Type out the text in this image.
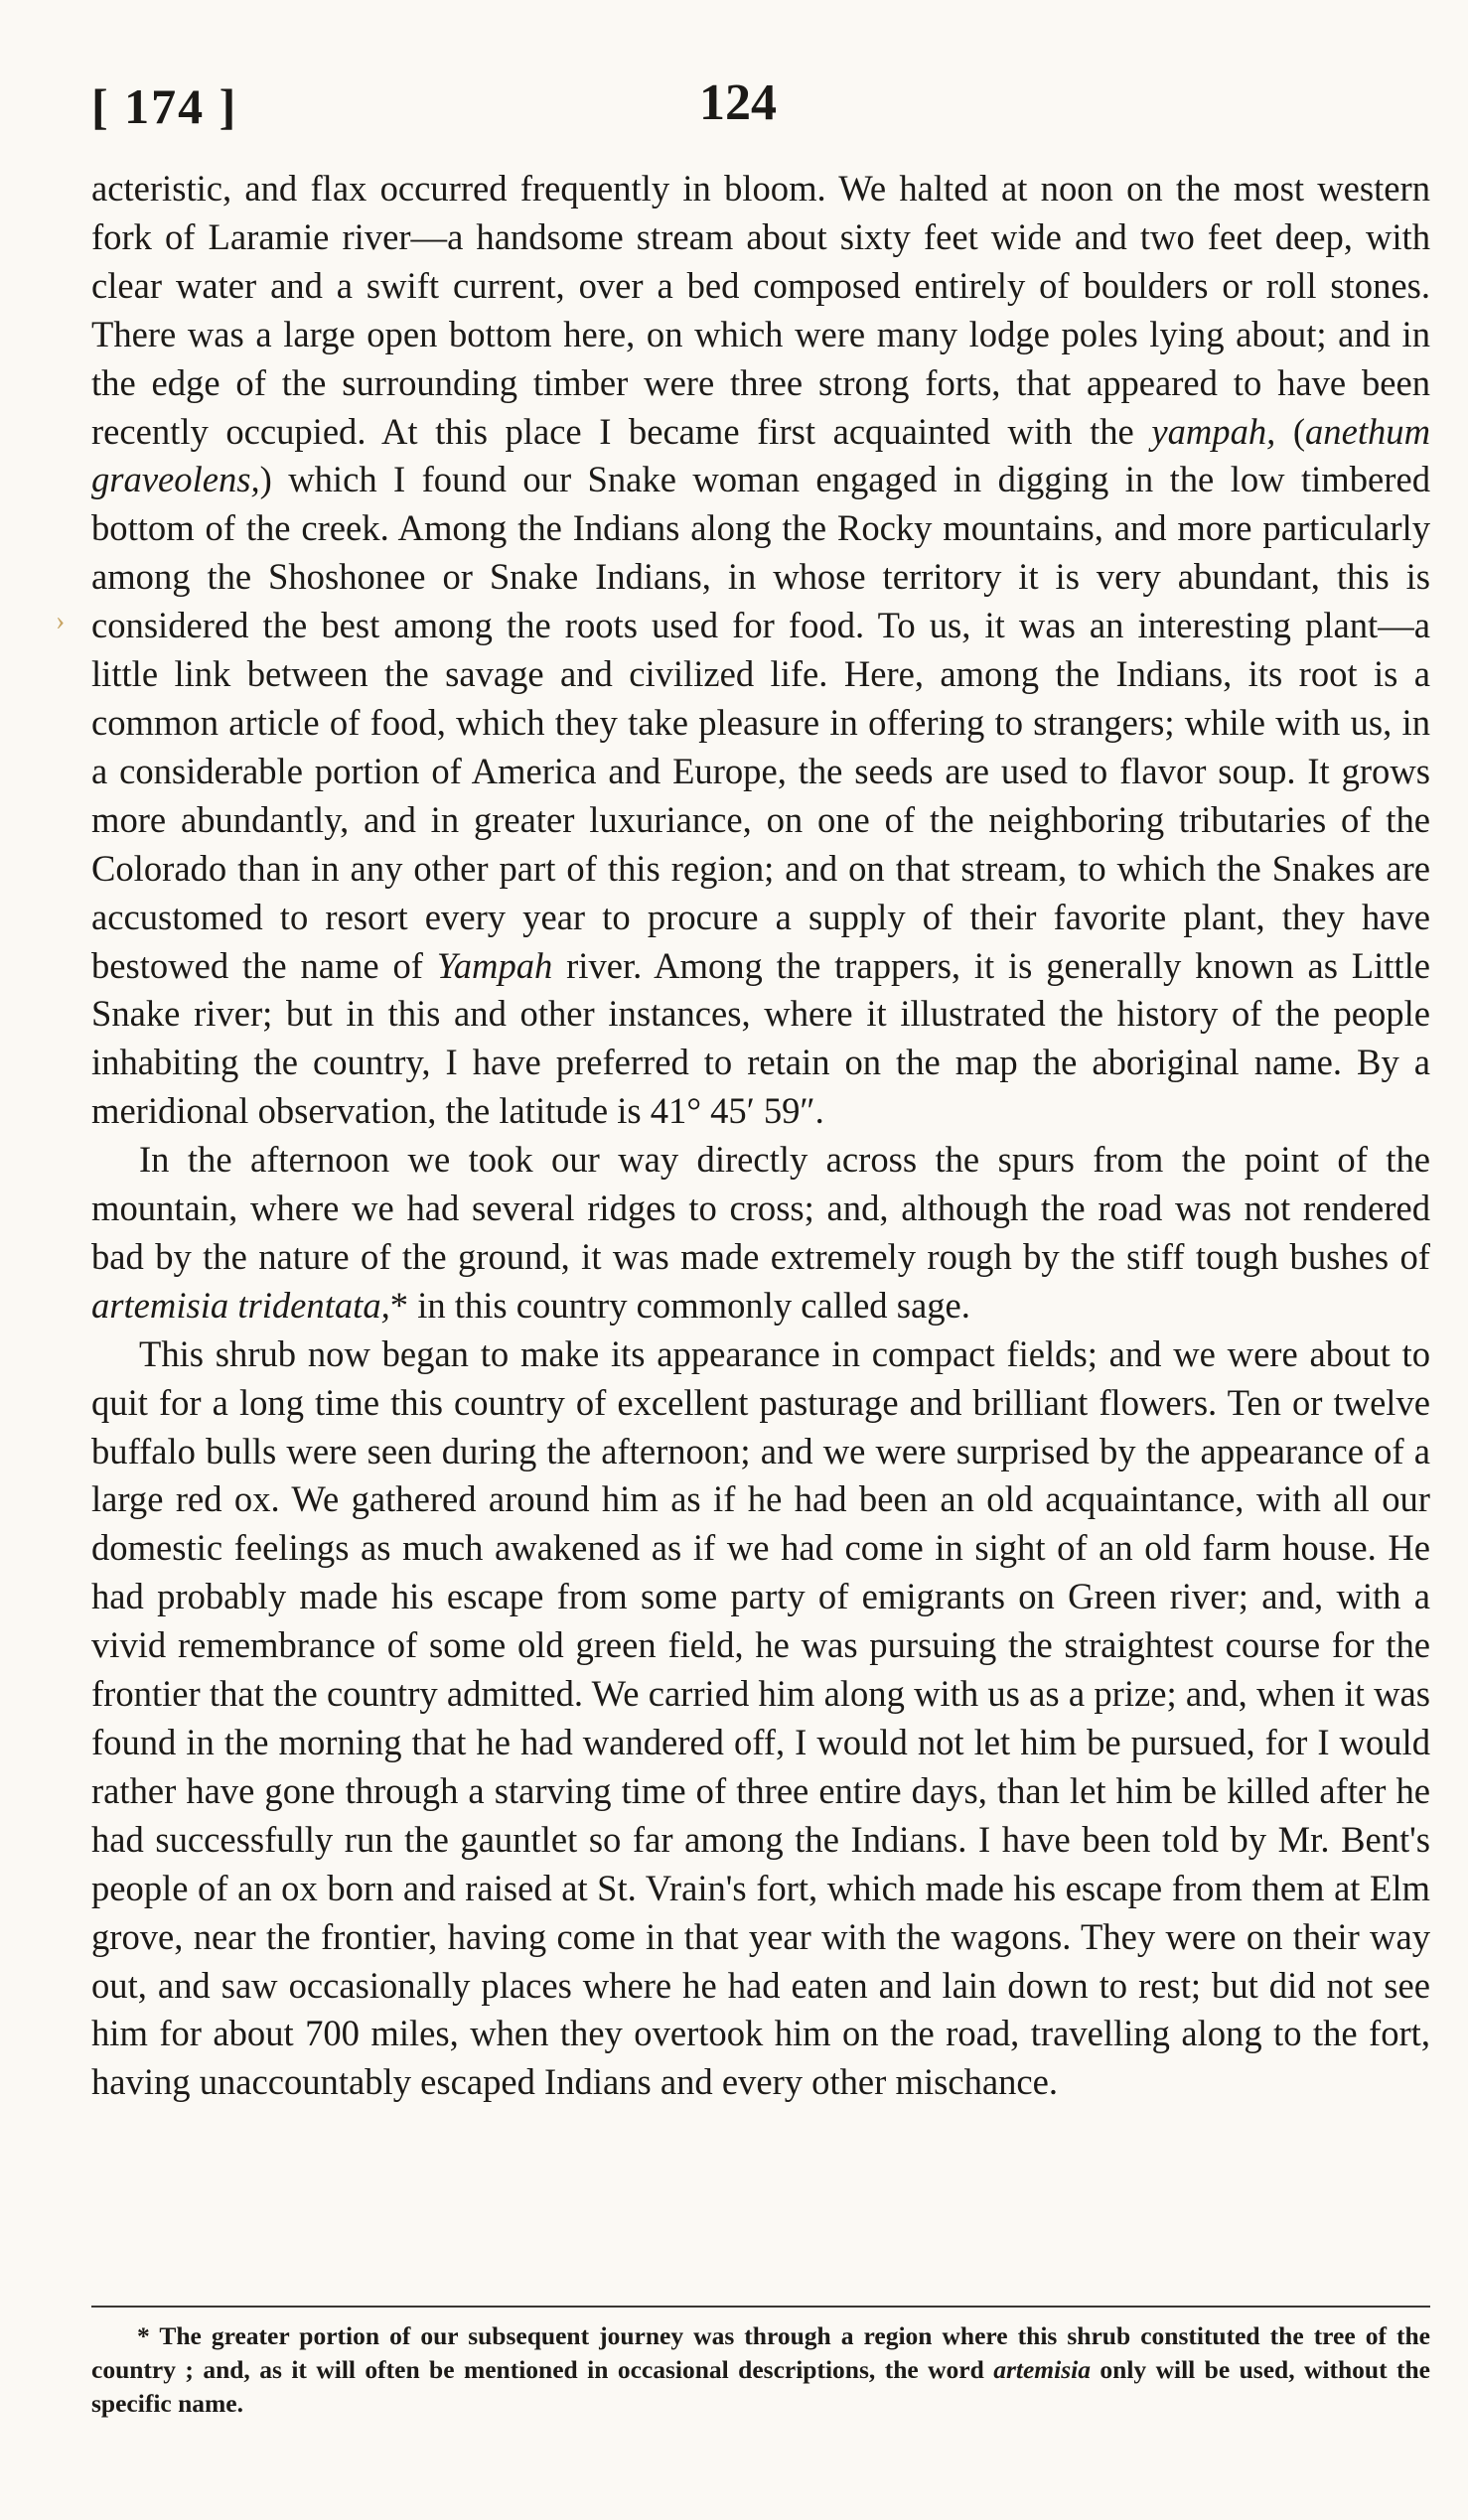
[ 174 ]	124
›

acteristic, and flax occurred frequently in bloom. We halted at noon on the most western fork of Laramie river—a handsome stream about sixty feet wide and two feet deep, with clear water and a swift current, over a bed composed entirely of boulders or roll stones. There was a large open bottom here, on which were many lodge poles lying about; and in the edge of the surrounding timber were three strong forts, that appeared to have been recently occupied. At this place I became first acquainted with the yampah, (anethum graveolens,) which I found our Snake woman engaged in digging in the low timbered bottom of the creek. Among the Indians along the Rocky mountains, and more particularly among the Shoshonee or Snake Indians, in whose territory it is very abundant, this is considered the best among the roots used for food. To us, it was an interesting plant—a little link between the savage and civilized life. Here, among the Indians, its root is a common article of food, which they take pleasure in offering to strangers; while with us, in a considerable portion of America and Europe, the seeds are used to flavor soup. It grows more abundantly, and in greater luxuriance, on one of the neighboring tributaries of the Colorado than in any other part of this region; and on that stream, to which the Snakes are accustomed to resort every year to procure a supply of their favorite plant, they have bestowed the name of Yampah river. Among the trappers, it is generally known as Little Snake river; but in this and other instances, where it illustrated the history of the people inhabiting the country, I have preferred to retain on the map the aboriginal name. By a meridional observation, the latitude is 41° 45′ 59″.

In the afternoon we took our way directly across the spurs from the point of the mountain, where we had several ridges to cross; and, although the road was not rendered bad by the nature of the ground, it was made extremely rough by the stiff tough bushes of artemisia tridentata,* in this country commonly called sage.

This shrub now began to make its appearance in compact fields; and we were about to quit for a long time this country of excellent pasturage and brilliant flowers. Ten or twelve buffalo bulls were seen during the afternoon; and we were surprised by the appearance of a large red ox. We gathered around him as if he had been an old acquaintance, with all our domestic feelings as much awakened as if we had come in sight of an old farm house. He had probably made his escape from some party of emigrants on Green river; and, with a vivid remembrance of some old green field, he was pursuing the straightest course for the frontier that the country admitted. We carried him along with us as a prize; and, when it was found in the morning that he had wandered off, I would not let him be pursued, for I would rather have gone through a starving time of three entire days, than let him be killed after he had successfully run the gauntlet so far among the Indians. I have been told by Mr. Bent's people of an ox born and raised at St. Vrain's fort, which made his escape from them at Elm grove, near the frontier, having come in that year with the wagons. They were on their way out, and saw occasionally places where he had eaten and lain down to rest; but did not see him for about 700 miles, when they overtook him on the road, travelling along to the fort, having unaccountably escaped Indians and every other mischance.

* The greater portion of our subsequent journey was through a region where this shrub constituted the tree of the country ; and, as it will often be mentioned in occasional descriptions, the word artemisia only will be used, without the specific name.
